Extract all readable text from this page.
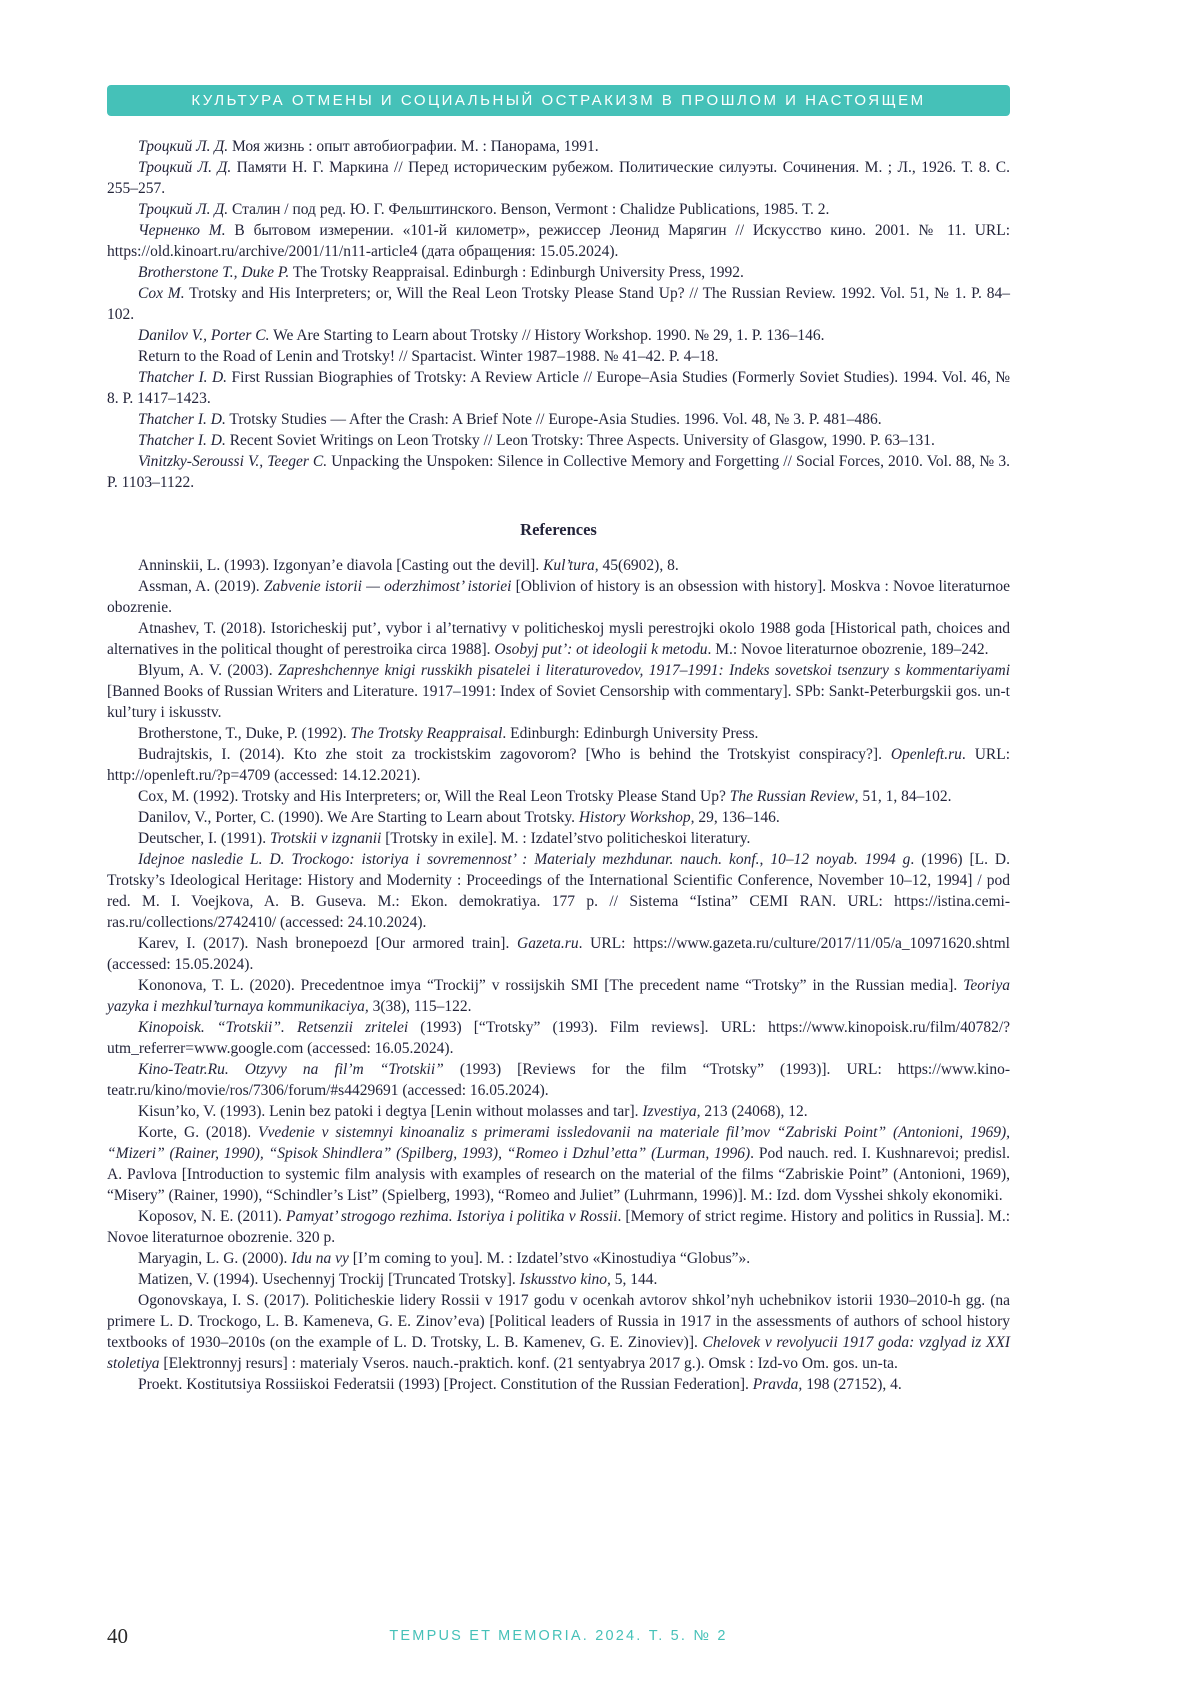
КУЛЬТУРА ОТМЕНЫ И СОЦИАЛЬНЫЙ ОСТРАКИЗМ В ПРОШЛОМ И НАСТОЯЩЕМ

Троцкий Л. Д. Моя жизнь : опыт автобиографии. М. : Панорама, 1991.

Троцкий Л. Д. Памяти Н. Г. Маркина // Перед историческим рубежом. Политические силуэты. Сочинения. М. ; Л., 1926. Т. 8. С. 255–257.

Троцкий Л. Д. Сталин / под ред. Ю. Г. Фельштинского. Benson, Vermont : Chalidze Publications, 1985. Т. 2.

Черненко М. В бытовом измерении. «101-й километр», режиссер Леонид Марягин // Искусство кино. 2001. № 11. URL: https://old.kinoart.ru/archive/2001/11/n11-article4 (дата обращения: 15.05.2024).

Brotherstone T., Duke P. The Trotsky Reappraisal. Edinburgh : Edinburgh University Press, 1992.

Cox M. Trotsky and His Interpreters; or, Will the Real Leon Trotsky Please Stand Up? // The Russian Review. 1992. Vol. 51, № 1. P. 84–102.

Danilov V., Porter C. We Are Starting to Learn about Trotsky // History Workshop. 1990. № 29, 1. P. 136–146.

Return to the Road of Lenin and Trotsky! // Spartacist. Winter 1987–1988. № 41–42. P. 4–18.

Thatcher I. D. First Russian Biographies of Trotsky: A Review Article // Europe–Asia Studies (Formerly Soviet Studies). 1994. Vol. 46, № 8. P. 1417–1423.

Thatcher I. D. Trotsky Studies — After the Crash: A Brief Note // Europe-Asia Studies. 1996. Vol. 48, № 3. P. 481–486.

Thatcher I. D. Recent Soviet Writings on Leon Trotsky // Leon Trotsky: Three Aspects. University of Glasgow, 1990. P. 63–131.

Vinitzky-Seroussi V., Teeger C. Unpacking the Unspoken: Silence in Collective Memory and Forgetting // Social Forces, 2010. Vol. 88, № 3. P. 1103–1122.

References

Anninskii, L. (1993). Izgonyan’e diavola [Casting out the devil]. Kul’tura, 45(6902), 8.

Assman, A. (2019). Zabvenie istorii — oderzhimost’ istoriei [Oblivion of history is an obsession with history]. Moskva : Novoe literaturnoe obozrenie.

Atnashev, T. (2018). Istoricheskij put’, vybor i al’ternativy v politicheskoj mysli perestrojki okolo 1988 goda [Historical path, choices and alternatives in the political thought of perestroika circa 1988]. Osobyj put’: ot ideologii k metodu. M.: Novoe literaturnoe obozrenie, 189–242.

Blyum, A. V. (2003). Zapreshchennye knigi russkikh pisatelei i literaturovedov, 1917–1991: Indeks sovetskoi tsenzury s kommentariyami [Banned Books of Russian Writers and Literature. 1917–1991: Index of Soviet Censorship with commentary]. SPb: Sankt-Peterburgskii gos. un-t kul’tury i iskusstv.

Brotherstone, T., Duke, P. (1992). The Trotsky Reappraisal. Edinburgh: Edinburgh University Press.

Budrajtskis, I. (2014). Kto zhe stoit za trockistskim zagovorom? [Who is behind the Trotskyist conspiracy?]. Openleft.ru. URL: http://openleft.ru/?p=4709 (accessed: 14.12.2021).

Cox, M. (1992). Trotsky and His Interpreters; or, Will the Real Leon Trotsky Please Stand Up? The Russian Review, 51, 1, 84–102.

Danilov, V., Porter, C. (1990). We Are Starting to Learn about Trotsky. History Workshop, 29, 136–146.

Deutscher, I. (1991). Trotskii v izgnanii [Trotsky in exile]. M. : Izdatel’stvo politicheskoi literatury.

Idejnoe nasledie L. D. Trockogo: istoriya i sovremennost’ : Materialy mezhdunar. nauch. konf., 10–12 noyab. 1994 g. (1996) [L. D. Trotsky’s Ideological Heritage: History and Modernity : Proceedings of the International Scientific Conference, November 10–12, 1994] / pod red. M. I. Voejkova, A. B. Guseva. M.: Ekon. demokratiya. 177 p. // Sistema “Istina” CEMI RAN. URL: https://istina.cemi-ras.ru/collections/2742410/ (accessed: 24.10.2024).

Karev, I. (2017). Nash bronepoezd [Our armored train]. Gazeta.ru. URL: https://www.gazeta.ru/culture/2017/11/05/a_10971620.shtml (accessed: 15.05.2024).

Kononova, T. L. (2020). Precedentnoe imya “Trockij” v rossijskih SMI [The precedent name “Trotsky” in the Russian media]. Teoriya yazyka i mezhkul’turnaya kommunikaciya, 3(38), 115–122.

Kinopoisk. “Trotskii”. Retsenzii zritelei (1993) [“Trotsky” (1993). Film reviews]. URL: https://www.kinopoisk.ru/film/40782/?utm_referrer=www.google.com (accessed: 16.05.2024).

Kino-Teatr.Ru. Otzyvy na fil’m “Trotskii” (1993) [Reviews for the film “Trotsky” (1993)]. URL: https://www.kino-teatr.ru/kino/movie/ros/7306/forum/#s4429691 (accessed: 16.05.2024).

Kisun’ko, V. (1993). Lenin bez patoki i degtya [Lenin without molasses and tar]. Izvestiya, 213 (24068), 12.

Korte, G. (2018). Vvedenie v sistemnyi kinoanaliz s primerami issledovanii na materiale fil’mov “Zabriski Point” (Antonioni, 1969), “Mizeri” (Rainer, 1990), “Spisok Shindlera” (Spilberg, 1993), “Romeo i Dzhul’etta” (Lurman, 1996). Pod nauch. red. I. Kushnarevoi; predisl. A. Pavlova [Introduction to systemic film analysis with examples of research on the material of the films “Zabriskie Point” (Antonioni, 1969), “Misery” (Rainer, 1990), “Schindler’s List” (Spielberg, 1993), “Romeo and Juliet” (Luhrmann, 1996)]. M.: Izd. dom Vysshei shkoly ekonomiki.

Koposov, N. E. (2011). Pamyat’ strogogo rezhima. Istoriya i politika v Rossii. [Memory of strict regime. History and politics in Russia]. M.: Novoe literaturnoe obozrenie. 320 p.

Maryagin, L. G. (2000). Idu na vy [I’m coming to you]. M. : Izdatel’stvo «Kinostudiya “Globus”».

Matizen, V. (1994). Usechennyj Trockij [Truncated Trotsky]. Iskusstvo kino, 5, 144.

Ogonovskaya, I. S. (2017). Politicheskie lidery Rossii v 1917 godu v ocenkah avtorov shkol’nyh uchebnikov istorii 1930–2010-h gg. (na primere L. D. Trockogo, L. B. Kameneva, G. E. Zinov’eva) [Political leaders of Russia in 1917 in the assessments of authors of school history textbooks of 1930–2010s (on the example of L. D. Trotsky, L. B. Kamenev, G. E. Zinoviev)]. Chelovek v revolyucii 1917 goda: vzglyad iz XXI stoletiya [Elektronnyj resurs] : materialy Vseros. nauch.-praktich. konf. (21 sentyabrya 2017 g.). Omsk : Izd-vo Om. gos. un-ta.

Proekt. Kostitutsiya Rossiiskoi Federatsii (1993) [Project. Constitution of the Russian Federation]. Pravda, 198 (27152), 4.

40	TEMPUS ET MEMORIA. 2024. Т. 5. № 2
